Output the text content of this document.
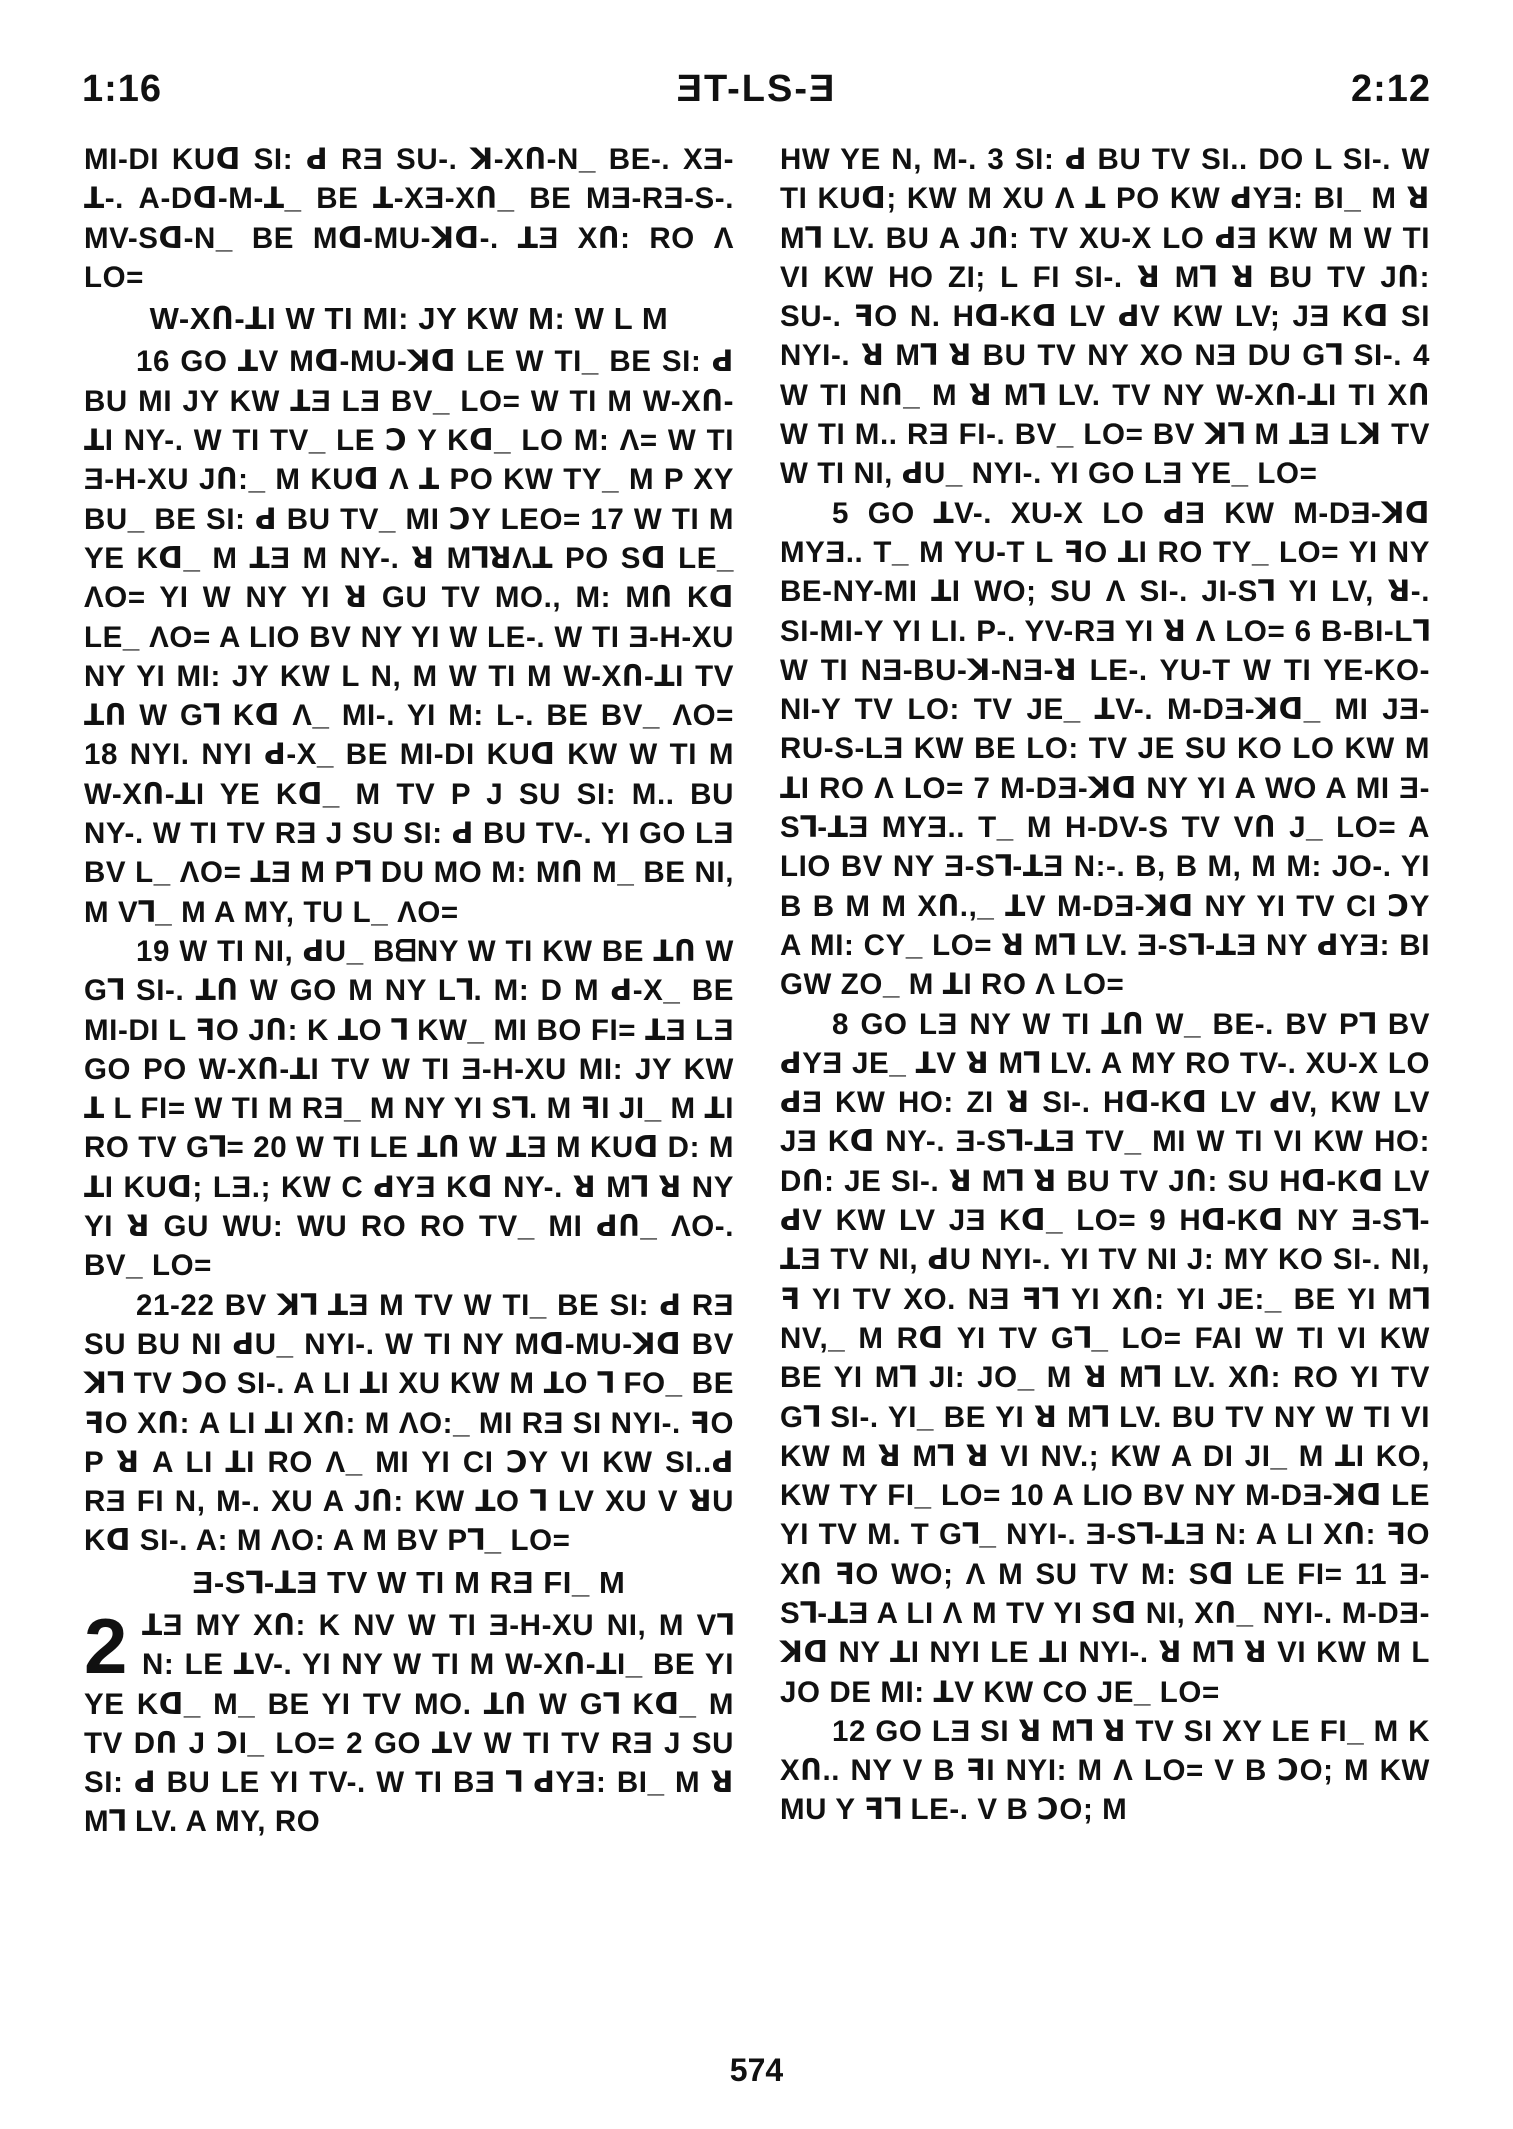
1:16	ƎT-LS-Ǝ	2:12

MI-DI KUᗡ SI: ꓒ RƎ SU-. ꓘ-XՈ-N_ BE-. XƎ-ꓕ-. A-Dᗡ-M-ꓕ_ BE ꓕ-XƎ-XՈ_ BE MƎ-RƎ-S-. MV-Sᗡ-N_ BE Mᗡ-MU-ꓘᗡ-. ꓕƎ XՈ: RO Λ LO=

W-XՈ-ꓕI W TI MI: JY KW M: W L M

16 GO ꓕV Mᗡ-MU-ꓘᗡ LE W TI_ BE SI: ꓒ BU MI JY KW ꓕƎ LƎ BV_ LO= W TI M W-XՈ-ꓕI NY-. W TI TV_ LE Ↄ Y Kᗡ_ LO M: Λ= W TI Ǝ-H-XU JՈ:_ M KUᗡ Λ ꓕ PO KW TY_ M P XY BU_ BE SI: ꓒ BU TV_ MI ↃY LEO= 17 W TI M YE Kᗡ_ M ꓕƎ M NY-. ꓤ MꓶꓤΛꓕ PO Sᗡ LE_ ΛO= YI W NY YI ꓤ GU TV MO., M: MՈ Kᗡ LE_ ΛO= A LIO BV NY YI W LE-. W TI Ǝ-H-XU NY YI MI: JY KW L N, M W TI M W-XՈ-ꓕI TV ꓕՈ W Gꓶ Kᗡ Λ_ MI-. YI M: L-. BE BV_ ΛO= 18 NYI. NYI ꓒ-X_ BE MI-DI KUᗡ KW W TI M W-XՈ-ꓕI YE Kᗡ_ M TV P J SU SI: M.. BU NY-. W TI TV RƎ J SU SI: ꓒ BU TV-. YI GO LƎ BV L_ ΛO= ꓕƎ M Pꓶ DU MO M: MՈ M_ BE NI, M Vꓶ_ M A MY, TU L_ ΛO=

19 W TI NI, ꓒU_ BᗺNY W TI KW BE ꓕՈ W Gꓶ SI-. ꓕՈ W GO M NY Lꓶ. M: D M ꓒ-X_ BE MI-DI L ꟻO JՈ: K ꓕO ꓶ KW_ MI BO FI= ꓕƎ LƎ GO PO W-XՈ-ꓕI TV W TI Ǝ-H-XU MI: JY KW ꓕ L FI= W TI M RƎ_ M NY YI Sꓶ. M ꟻI JI_ M ꓕI RO TV Gꓶ= 20 W TI LE ꓕՈ W ꓕƎ M KUᗡ D: M ꓕI KUᗡ; LƎ.; KW C ꓒYƎ Kᗡ NY-. ꓤ Mꓶ ꓤ NY YI ꓤ GU WU: WU RO RO TV_ MI ꓒՈ_ ΛO-. BV_ LO=

21-22 BV ꓘꓶ ꓕƎ M TV W TI_ BE SI: ꓒ RƎ SU BU NI ꓒU_ NYI-. W TI NY Mᗡ-MU-ꓘᗡ BV ꓘꓶ TV ↃO SI-. A LI ꓕI XU KW M ꓕO ꓶ FO_ BE ꟻO XՈ: A LI ꓕI XՈ: M ΛO:_ MI RƎ SI NYI-. ꟻO P ꓤ A LI ꓕI RO Λ_ MI YI CI ↃY VI KW SI..ꓒ RƎ FI N, M-. XU A JՈ: KW ꓕO ꓶ LV XU V ꓤU Kᗡ SI-. A: M ΛO: A M BV Pꓶ_ LO=

Ǝ-Sꓶ-ꓕƎ TV W TI M RƎ FI_ M

2 ꓕƎ MY XՈ: K NV W TI Ǝ-H-XU NI, M Vꓶ N: LE ꓕV-. YI NY W TI M W-XՈ-ꓕI_ BE YI YE Kᗡ_ M_ BE YI TV MO. ꓕՈ W Gꓶ Kᗡ_ M TV DՈ J ↃI_ LO= 2 GO ꓕV W TI TV RƎ J SU SI: ꓒ BU LE YI TV-. W TI BƎ ꓶ ꓒYƎ: BI_ M ꓤ Mꓶ LV. A MY, RO

HW YE N, M-. 3 SI: ꓒ BU TV SI.. DO L SI-. W TI KUᗡ; KW M XU Λ ꓕ PO KW ꓒYƎ: BI_ M ꓤ Mꓶ LV. BU A JՈ: TV XU-X LO ꓒƎ KW M W TI VI KW HO ZI; L FI SI-. ꓤ Mꓶ ꓤ BU TV JՈ: SU-. ꟻO N. Hᗡ-Kᗡ LV ꓒV KW LV; JƎ Kᗡ SI NYI-. ꓤ Mꓶ ꓤ BU TV NY XO NƎ DU Gꓶ SI-. 4 W TI NՈ_ M ꓤ Mꓶ LV. TV NY W-XՈ-ꓕI TI XՈ W TI M.. RƎ FI-. BV_ LO= BV ꓘꓶ M ꓕƎ Lꓘ TV W TI NI, ꓒU_ NYI-. YI GO LƎ YE_ LO=

5 GO ꓕV-. XU-X LO ꓒƎ KW M-DƎ-ꓘᗡ MYƎ.. T_ M YU-T L ꟻO ꓕI RO TY_ LO= YI NY BE-NY-MI ꓕI WO; SU Λ SI-. JI-Sꓶ YI LV, ꓤ-. SI-MI-Y YI LI. P-. YV-RƎ YI ꓤ Λ LO= 6 B-BI-Lꓶ W TI NƎ-BU-ꓘ-NƎ-ꓤ LE-. YU-T W TI YE-KO-NI-Y TV LO: TV JE_ ꓕV-. M-DƎ-ꓘᗡ_ MI JƎ-RU-S-LƎ KW BE LO: TV JE SU KO LO KW M ꓕI RO Λ LO= 7 M-DƎ-ꓘᗡ NY YI A WO A MI Ǝ-Sꓶ-ꓕƎ MYƎ.. T_ M H-DV-S TV VՈ J_ LO= A LIO BV NY Ǝ-Sꓶ-ꓕƎ N:-. B, B M, M M: JO-. YI B B M M XՈ.,_ ꓕV M-DƎ-ꓘᗡ NY YI TV CI ↃY A MI: CY_ LO= ꓤ Mꓶ LV. Ǝ-Sꓶ-ꓕƎ NY ꓒYƎ: BI GW ZO_ M ꓕI RO Λ LO=

8 GO LƎ NY W TI ꓕՈ W_ BE-. BV Pꓶ BV ꓒYƎ JE_ ꓕV ꓤ Mꓶ LV. A MY RO TV-. XU-X LO ꓒƎ KW HO: ZI ꓤ SI-. Hᗡ-Kᗡ LV ꓒV, KW LV JƎ Kᗡ NY-. Ǝ-Sꓶ-ꓕƎ TV_ MI W TI VI KW HO: DՈ: JE SI-. ꓤ Mꓶ ꓤ BU TV JՈ: SU Hᗡ-Kᗡ LV ꓒV KW LV JƎ Kᗡ_ LO= 9 Hᗡ-Kᗡ NY Ǝ-Sꓶ-ꓕƎ TV NI, ꓒU NYI-. YI TV NI J: MY KO SI-. NI, ꟻ YI TV XO. NƎ ꟻꓶ YI XՈ: YI JE:_ BE YI Mꓶ NV,_ M Rᗡ YI TV Gꓶ_ LO= FAI W TI VI KW BE YI Mꓶ JI: JO_ M ꓤ Mꓶ LV. XՈ: RO YI TV Gꓶ SI-. YI_ BE YI ꓤ Mꓶ LV. BU TV NY W TI VI KW M ꓤ Mꓶ ꓤ VI NV.; KW A DI JI_ M ꓕI KO, KW TY FI_ LO= 10 A LIO BV NY M-DƎ-ꓘᗡ LE YI TV M. T Gꓶ_ NYI-. Ǝ-Sꓶ-ꓕƎ N: A LI XՈ: ꟻO XՈ ꟻO WO; Λ M SU TV M: Sᗡ LE FI= 11 Ǝ-Sꓶ-ꓕƎ A LI Λ M TV YI Sᗡ NI, XՈ_ NYI-. M-DƎ-ꓘᗡ NY ꓕI NYI LE ꓕI NYI-. ꓤ Mꓶ ꓤ VI KW M L JO DE MI: ꓕV KW CO JE_ LO=

12 GO LƎ SI ꓤ Mꓶ ꓤ TV SI XY LE FI_ M K XՈ.. NY V B ꟻI NYI: M Λ LO= V B ↃO; M KW MU Y ꟻꓶ LE-. V B ↃO; M

574
